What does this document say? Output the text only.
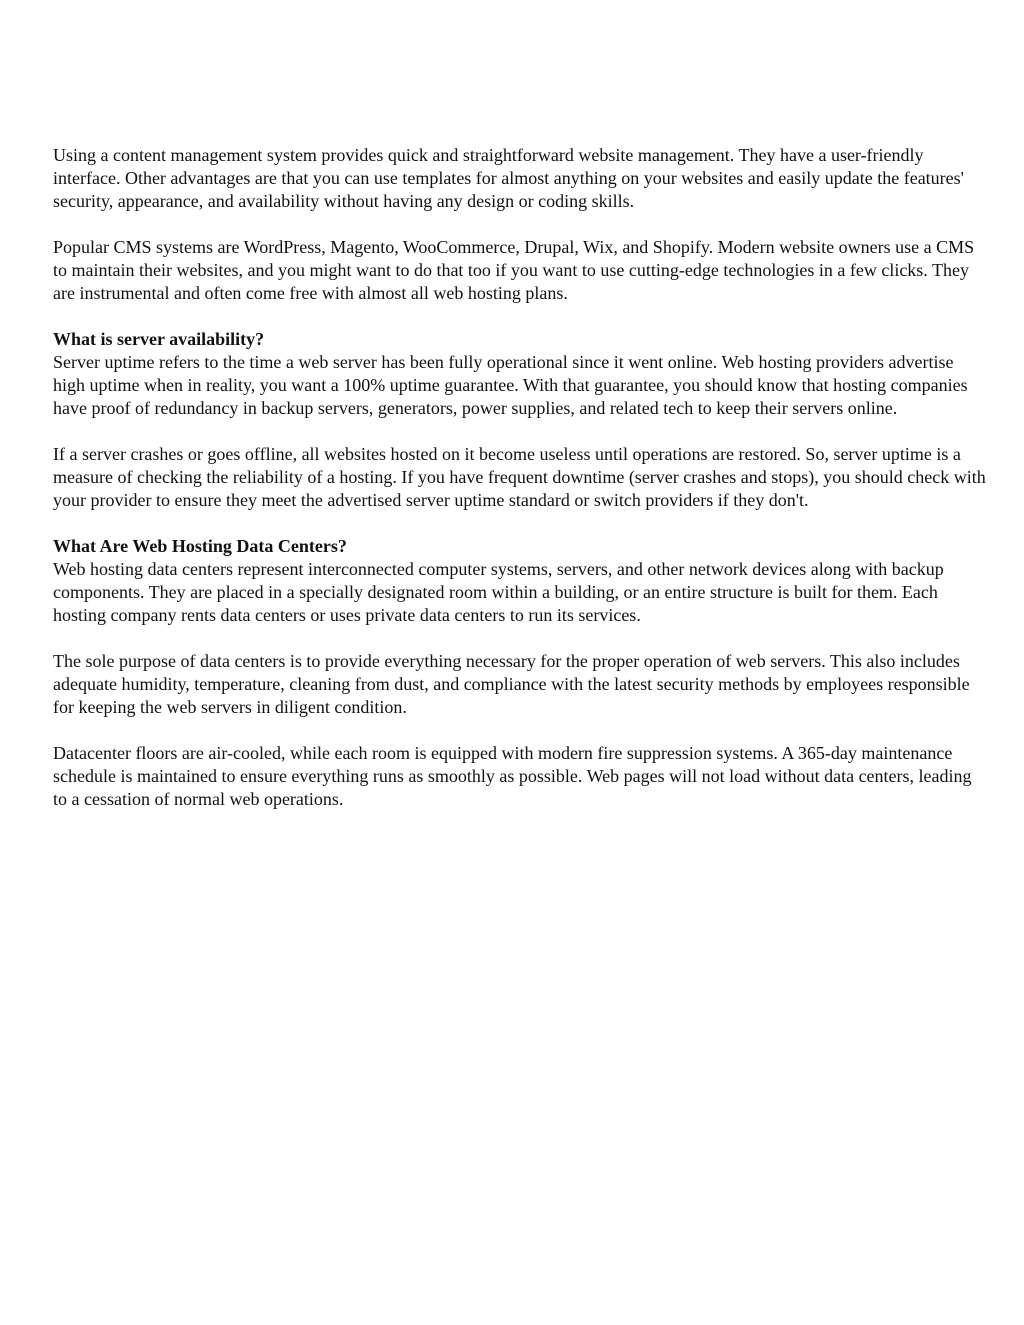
Using a content management system provides quick and straightforward website management. They have a user-friendly interface. Other advantages are that you can use templates for almost anything on your websites and easily update the features' security, appearance, and availability without having any design or coding skills.

Popular CMS systems are WordPress, Magento, WooCommerce, Drupal, Wix, and Shopify. Modern website owners use a CMS to maintain their websites, and you might want to do that too if you want to use cutting-edge technologies in a few clicks. They are instrumental and often come free with almost all web hosting plans.

What is server availability?

Server uptime refers to the time a web server has been fully operational since it went online. Web hosting providers advertise high uptime when in reality, you want a 100% uptime guarantee. With that guarantee, you should know that hosting companies have proof of redundancy in backup servers, generators, power supplies, and related tech to keep their servers online.

If a server crashes or goes offline, all websites hosted on it become useless until operations are restored. So, server uptime is a measure of checking the reliability of a hosting. If you have frequent downtime (server crashes and stops), you should check with your provider to ensure they meet the advertised server uptime standard or switch providers if they don't.

What Are Web Hosting Data Centers?

Web hosting data centers represent interconnected computer systems, servers, and other network devices along with backup components. They are placed in a specially designated room within a building, or an entire structure is built for them. Each hosting company rents data centers or uses private data centers to run its services.

The sole purpose of data centers is to provide everything necessary for the proper operation of web servers. This also includes adequate humidity, temperature, cleaning from dust, and compliance with the latest security methods by employees responsible for keeping the web servers in diligent condition.

Datacenter floors are air-cooled, while each room is equipped with modern fire suppression systems. A 365-day maintenance schedule is maintained to ensure everything runs as smoothly as possible. Web pages will not load without data centers, leading to a cessation of normal web operations.
